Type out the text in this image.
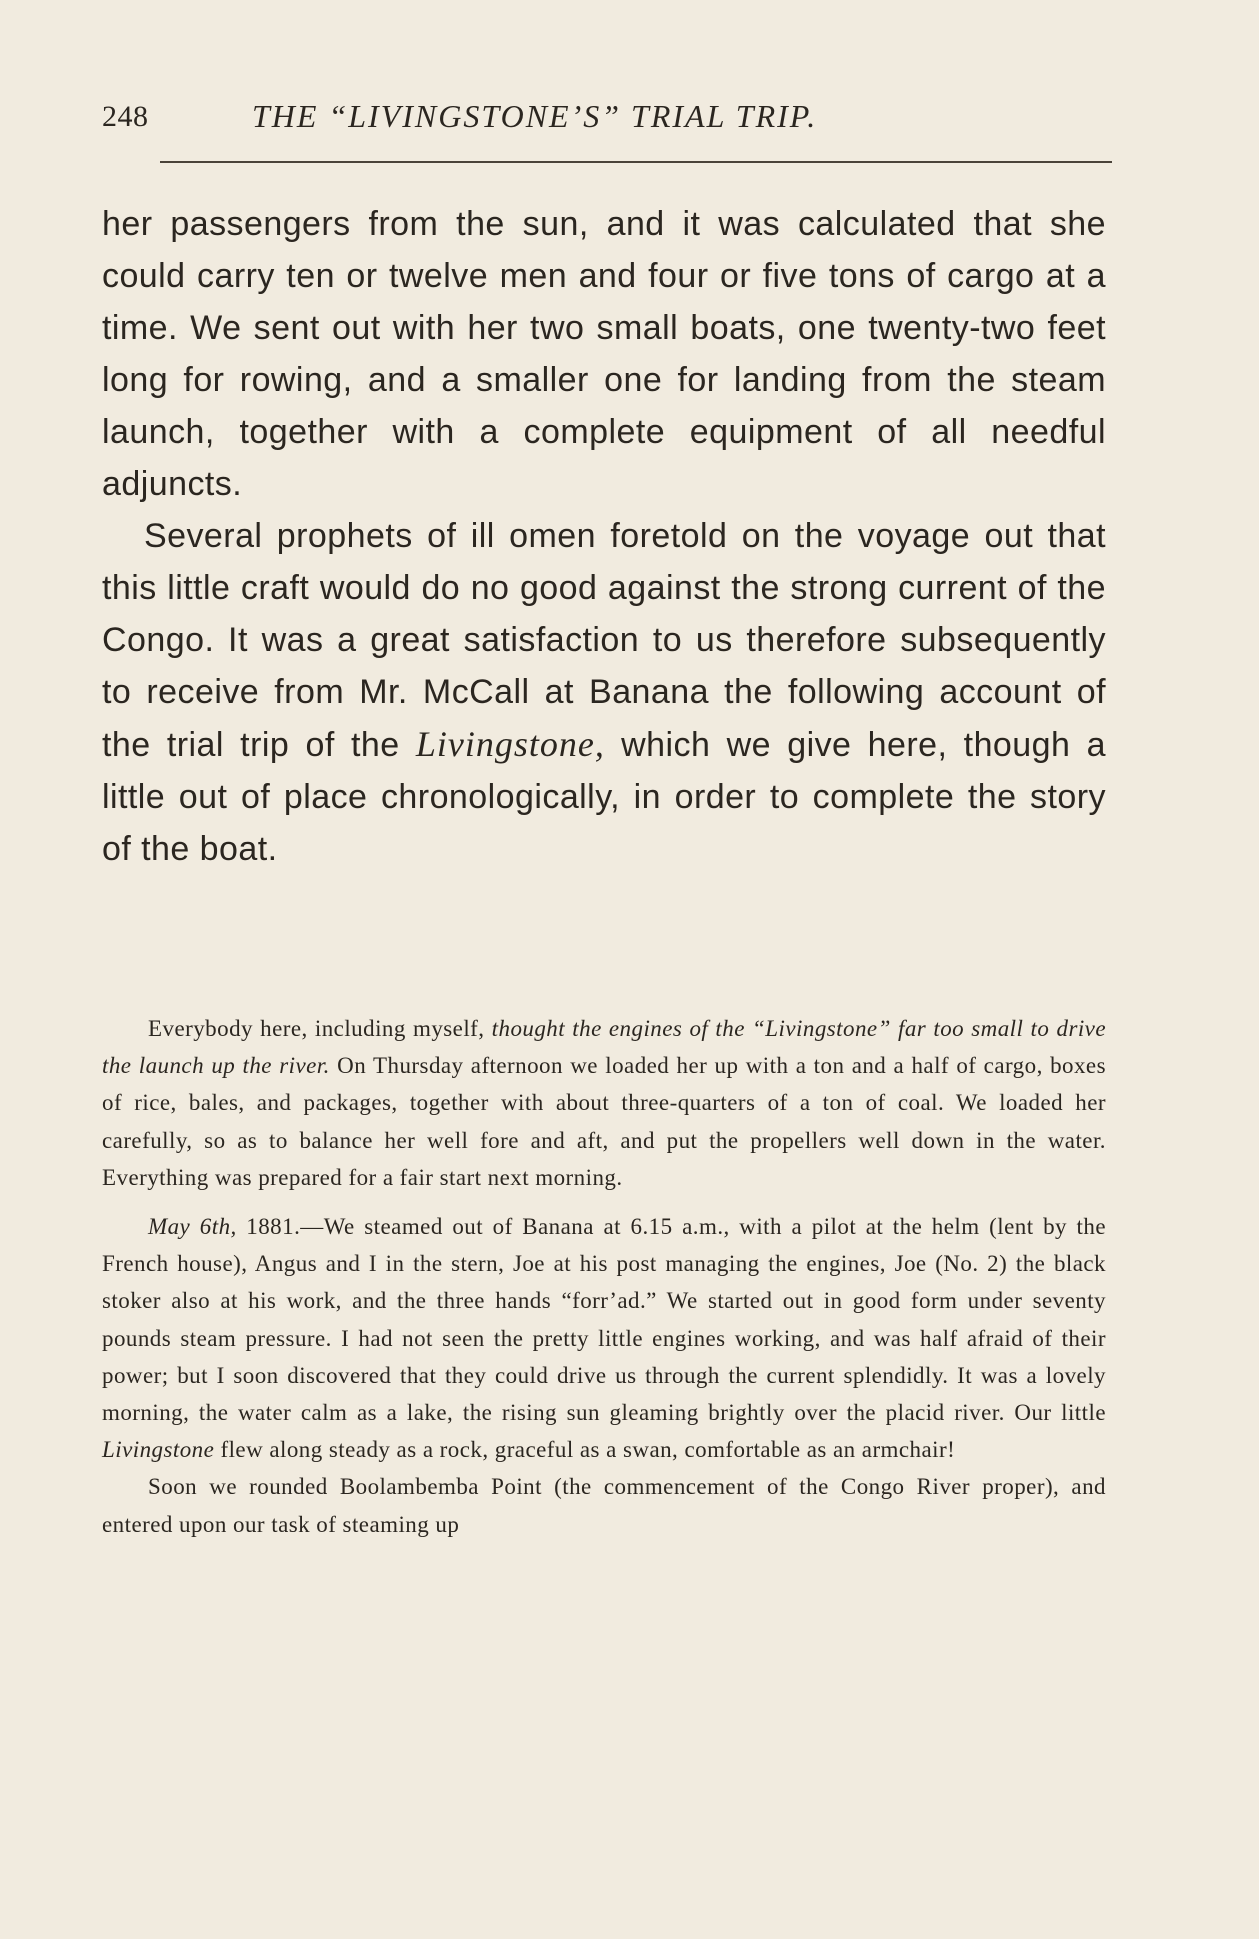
248	THE “LIVINGSTONE’S” TRIAL TRIP.

her passengers from the sun, and it was calculated that she could carry ten or twelve men and four or five tons of cargo at a time. We sent out with her two small boats, one twenty-two feet long for rowing, and a smaller one for landing from the steam launch, together with a complete equipment of all needful adjuncts.

Several prophets of ill omen foretold on the voyage out that this little craft would do no good against the strong current of the Congo. It was a great satisfaction to us therefore subsequently to receive from Mr. McCall at Banana the following account of the trial trip of the Livingstone, which we give here, though a little out of place chronologically, in order to complete the story of the boat.

Everybody here, including myself, thought the engines of the “Livingstone” far too small to drive the launch up the river. On Thursday afternoon we loaded her up with a ton and a half of cargo, boxes of rice, bales, and packages, together with about three-quarters of a ton of coal. We loaded her carefully, so as to balance her well fore and aft, and put the propellers well down in the water. Everything was prepared for a fair start next morning.

May 6th, 1881.—We steamed out of Banana at 6.15 a.m., with a pilot at the helm (lent by the French house), Angus and I in the stern, Joe at his post managing the engines, Joe (No. 2) the black stoker also at his work, and the three hands “forr’ad.” We started out in good form under seventy pounds steam pressure. I had not seen the pretty little engines working, and was half afraid of their power; but I soon discovered that they could drive us through the current splendidly. It was a lovely morning, the water calm as a lake, the rising sun gleaming brightly over the placid river. Our little Livingstone flew along steady as a rock, graceful as a swan, comfortable as an armchair!

Soon we rounded Boolambemba Point (the commencement of the Congo River proper), and entered upon our task of steaming up
